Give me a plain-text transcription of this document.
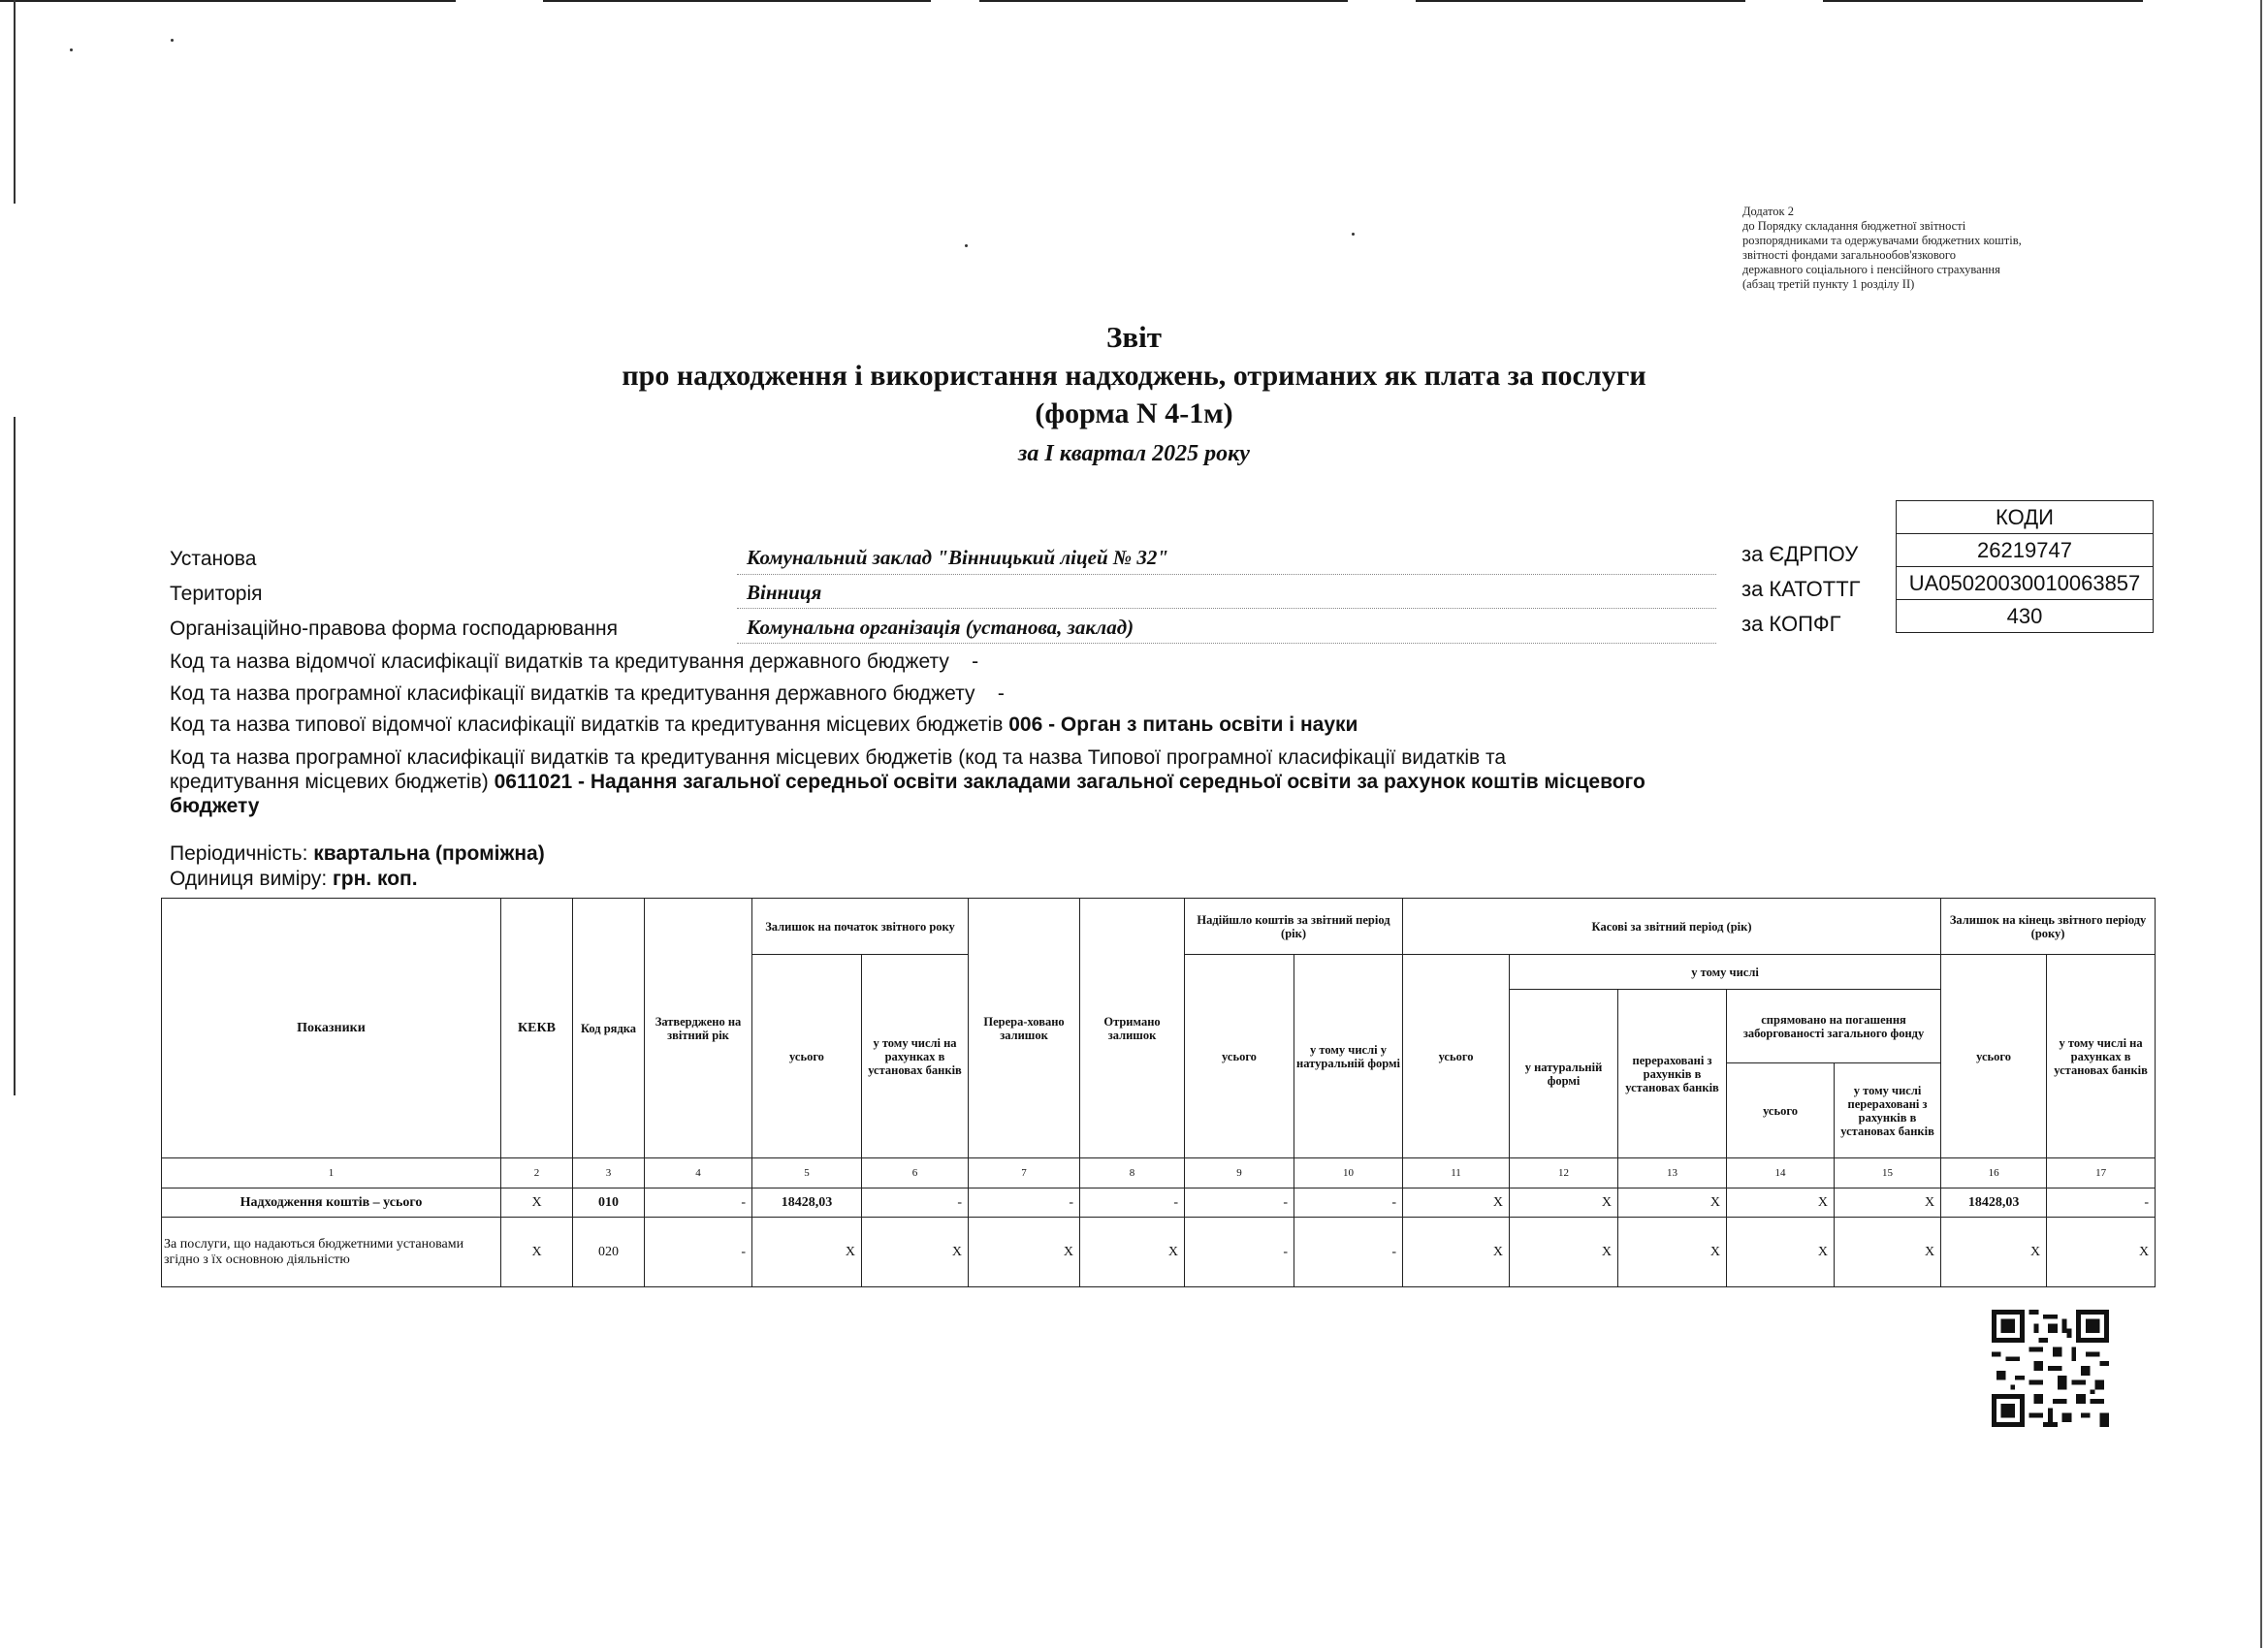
Додаток 2
до Порядку складання бюджетної звітності
розпорядниками та одержувачами бюджетних коштів,
звітності фондами загальнообов'язкового
державного соціального і пенсійного страхування
(абзац третій пункту 1 розділу II)
Звіт
про надходження і використання надходжень, отриманих як плата за послуги
(форма N 4-1м)
за I квартал 2025 року
КОДИ
26219747
UA05020030010063857
430
за ЄДРПОУ
за КАТОТТГ
за КОПФГ
Установа	Комунальний заклад "Вінницький ліцей № 32"
Територія	Вінниця
Організаційно-правова форма господарювання	Комунальна організація (установа, заклад)
Код та назва відомчої класифікації видатків та кредитування державного бюджету -
Код та назва програмної класифікації видатків та кредитування державного бюджету -
Код та назва типової відомчої класифікації видатків та кредитування місцевих бюджетів 006 - Орган з питань освіти і науки
Код та назва програмної класифікації видатків та кредитування місцевих бюджетів (код та назва Типової програмної класифікації видатків та
кредитування місцевих бюджетів) 0611021 - Надання загальної середньої освіти закладами загальної середньої освіти за рахунок коштів місцевого
бюджету
Періодичність: квартальна (проміжна)
Одиниця виміру: грн. коп.
Показники	КЕКВ	Код рядка	Затверджено на звітний рік	Залишок на початок звітного року		Перера-ховано залишок	Отримано залишок	Надійшло коштів за звітний період (рік)		Касові за звітний період (рік)					Залишок на кінець звітного періоду (року)	
				усього	у тому числі на рахунках в установах банків			усього	у тому числі у натуральній формі	усього	у тому числі				усього	у тому числі на рахунках в установах банків
											у натуральній формі	перераховані з рахунків в установах банків	спрямовано на погашення заборгованості загального фонду			
													усього	у тому числі перераховані з рахунків в установах банків		
1	2	3	4	5	6	7	8	9	10	11	12	13	14	15	16	17
Надходження коштів – усього	X	010	-	18428,03	-	-	-	-	-	X	X	X	X	X	18428,03	-
За послуги, що надаються бюджетними установами згідно з їх основною діяльністю	X	020	-	X	X	X	X	-	-	X	X	X	X	X	X	X
